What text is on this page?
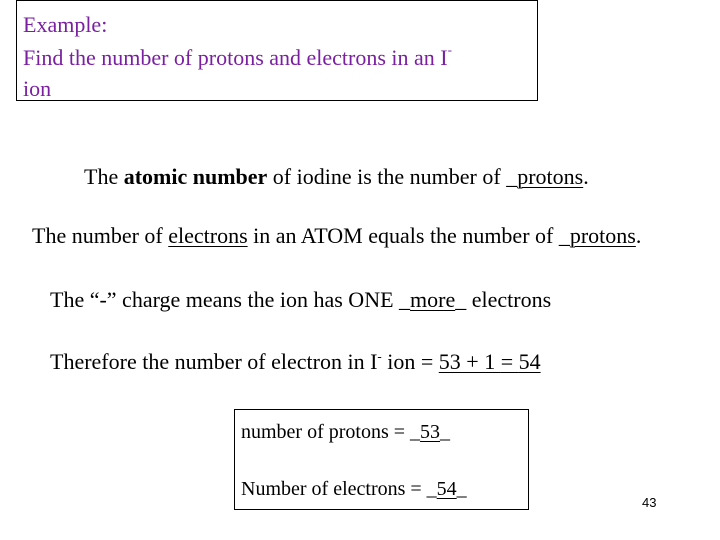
Example:
Find the number of protons and electrons in an I-
ion
The atomic number of iodine is the number of _protons.
The number of electrons in an ATOM equals the number of _protons.
The “-” charge means the ion has ONE _more_ electrons
Therefore the number of electron in I- ion = 53 + 1 = 54
number of protons = _53_
Number of electrons = _54_
43
